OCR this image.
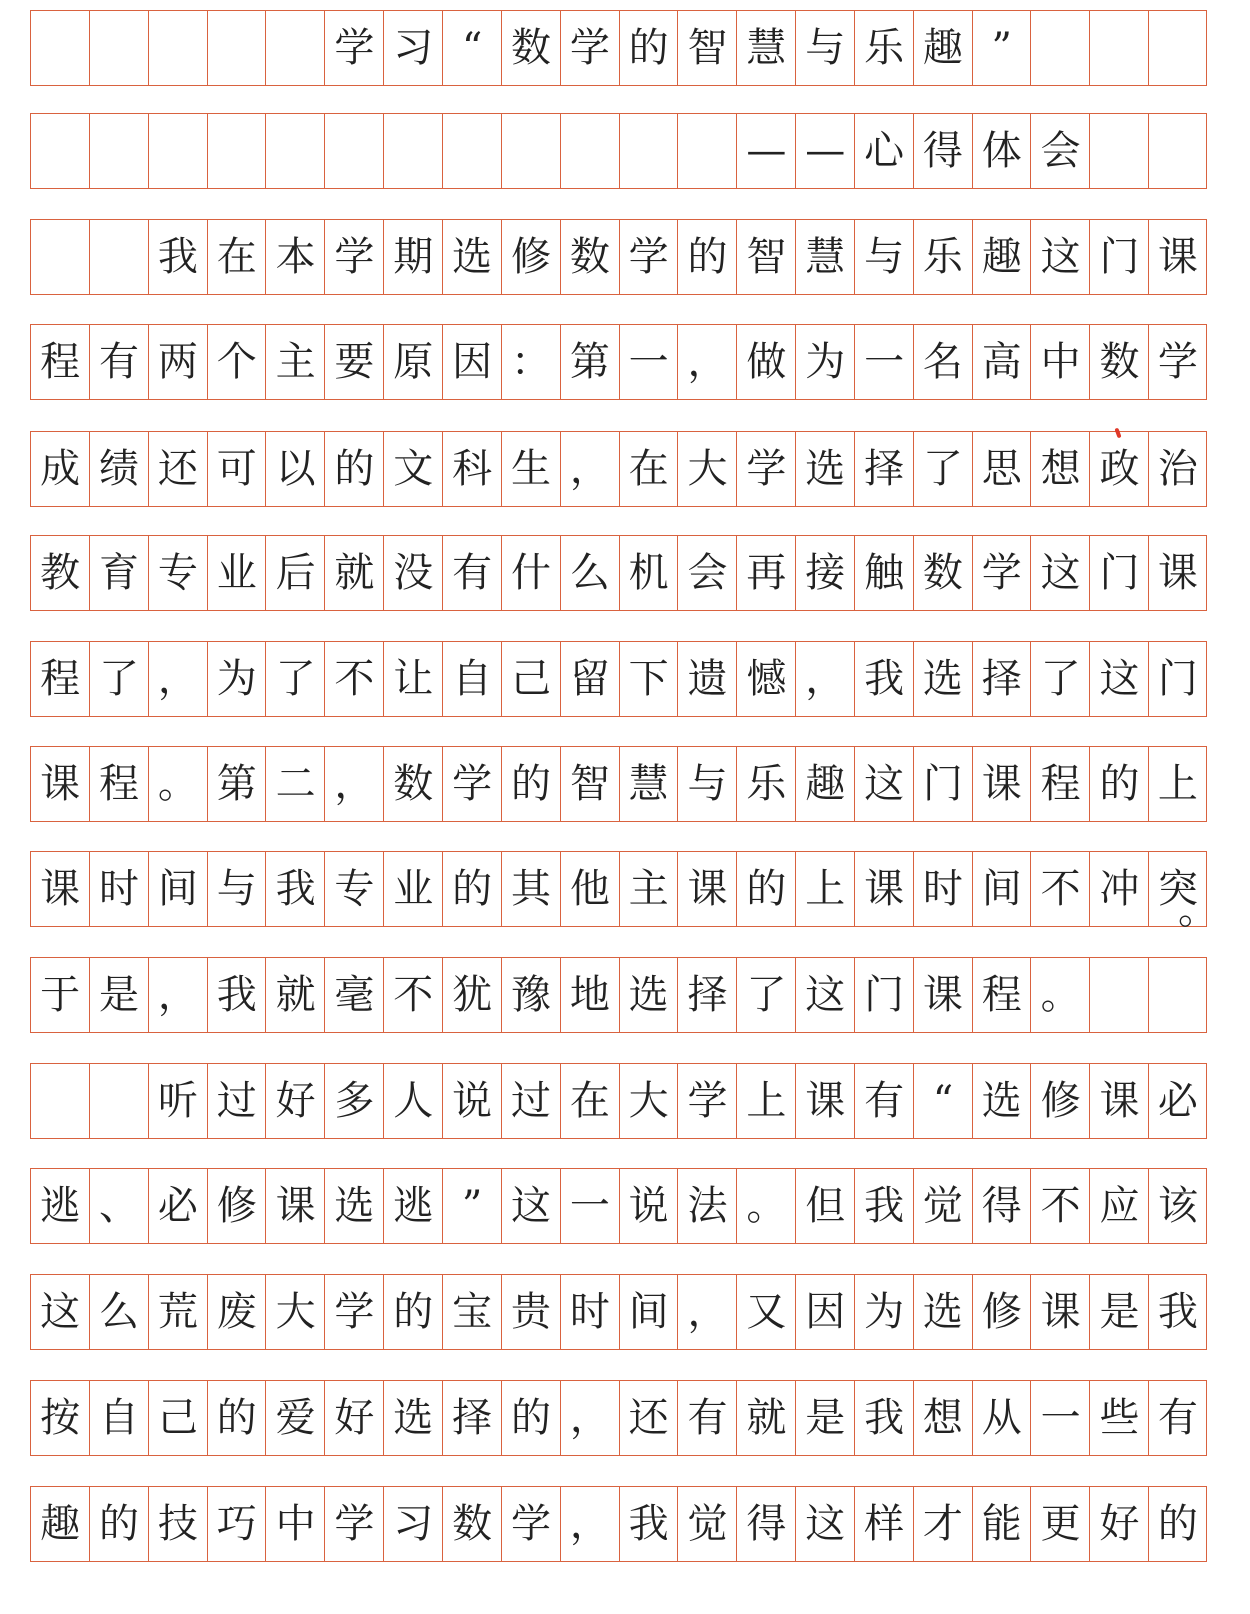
学 习 “ 数 学 的 智 慧 与 乐 趣 ”
— — 心 得 体 会
我 在 本 学 期 选 修 数 学 的 智 慧 与 乐 趣 这 门 课
程 有 两 个 主 要 原 因 ： 第 一 ， 做 为 一 名 高 中 数 学
成 绩 还 可 以 的 文 科 生 ， 在 大 学 选 择 了 思 想 政 治
教 育 专 业 后 就 没 有 什 么 机 会 再 接 触 数 学 这 门 课
程 了 ， 为 了 不 让 自 己 留 下 遗 憾 ， 我 选 择 了 这 门
课 程 。 第 二 ， 数 学 的 智 慧 与 乐 趣 这 门 课 程 的 上
课 时 间 与 我 专 业 的 其 他 主 课 的 上 课 时 间 不 冲 突
于 是 ， 我 就 毫 不 犹 豫 地 选 择 了 这 门 课 程 。
听 过 好 多 人 说 过 在 大 学 上 课 有 “ 选 修 课 必
逃 、 必 修 课 选 逃 ” 这 一 说 法 。 但 我 觉 得 不 应 该
这 么 荒 废 大 学 的 宝 贵 时 间 ， 又 因 为 选 修 课 是 我
按 自 己 的 爱 好 选 择 的 ， 还 有 就 是 我 想 从 一 些 有
趣 的 技 巧 中 学 习 数 学 ， 我 觉 得 这 样 才 能 更 好 的
。
